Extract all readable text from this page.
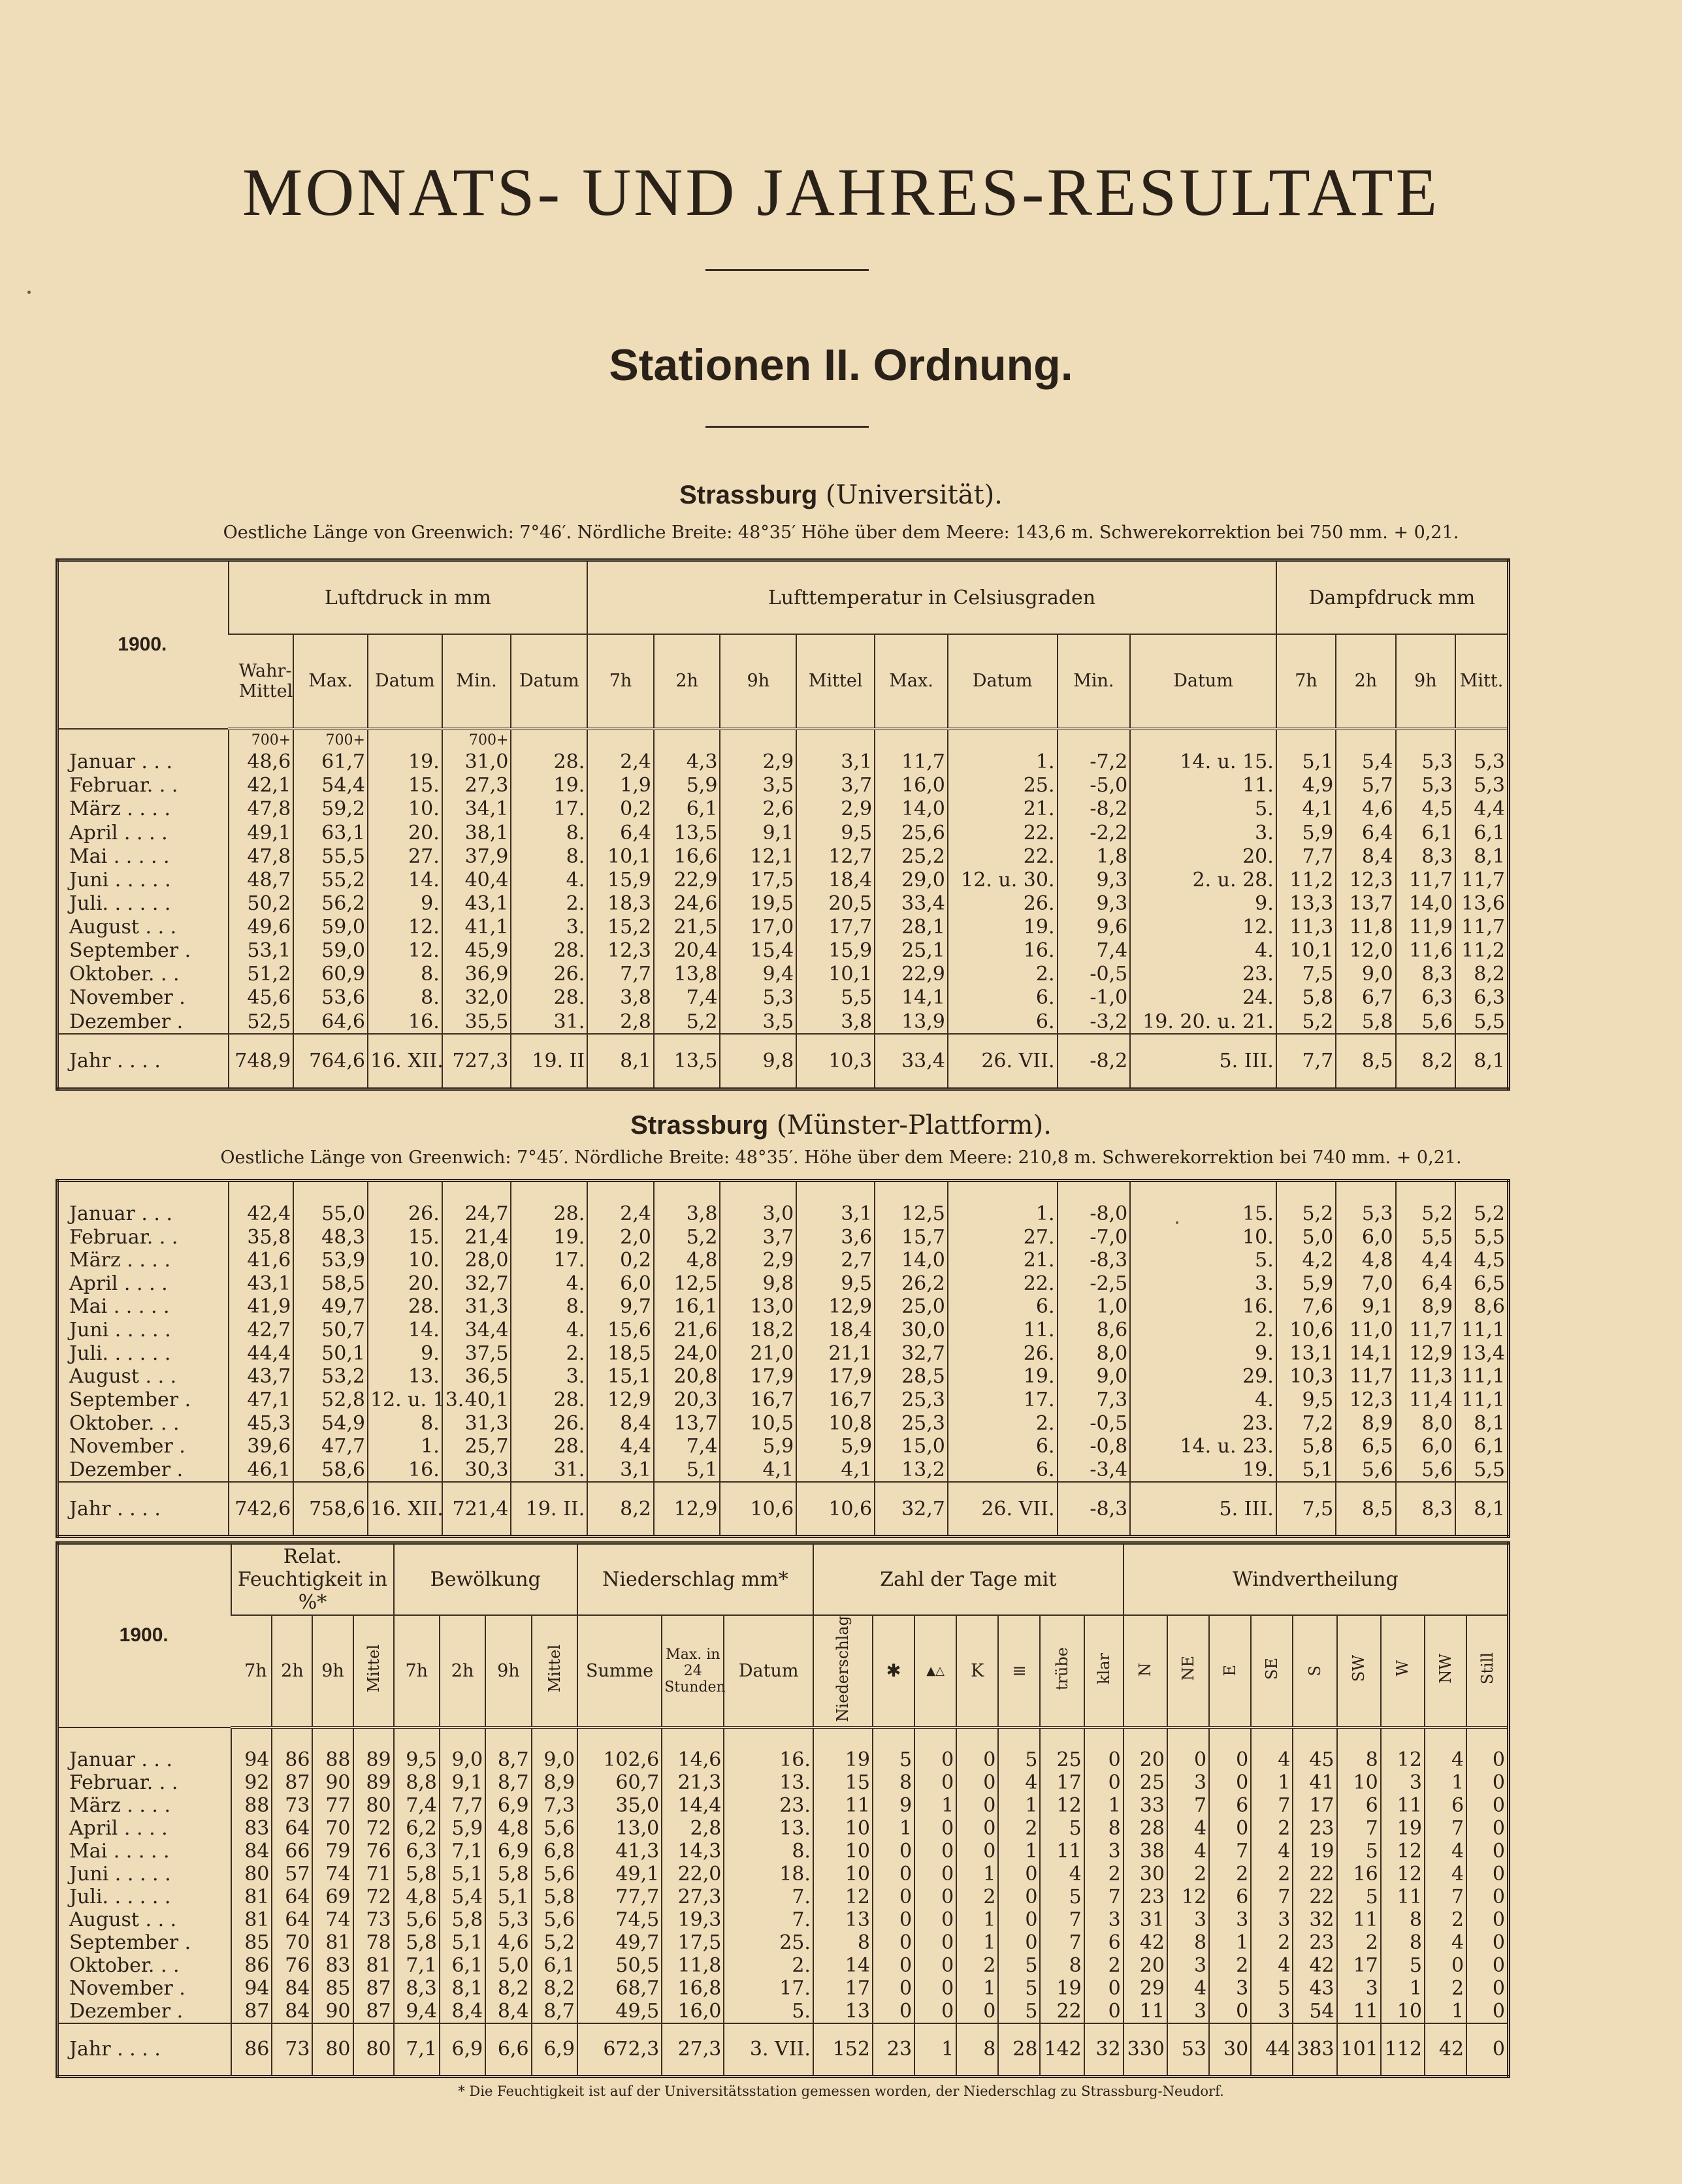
MONATS- UND JAHRES-RESULTATE
Stationen II. Ordnung.
Strassburg (Universität).
Oestliche Länge von Greenwich: 7°46′. Nördliche Breite: 48°35′ Höhe über dem Meere: 143,6 m. Schwerekorrektion bei 750 mm. + 0,21.
1900.	Luftdruck in mm					Lufttemperatur in Celsiusgraden								Dampfdruck mm			
	Wahr-Mittel	Max.	Datum	Min.	Datum	7h	2h	9h	Mittel	Max.	Datum	Min.	Datum	7h	2h	9h	Mitt.
	700+	700+		700+													
Januar . . .	48,6	61,7	19.	31,0	28.	2,4	4,3	2,9	3,1	11,7	1.	-7,2	14. u. 15.	5,1	5,4	5,3	5,3
Februar. . .	42,1	54,4	15.	27,3	19.	1,9	5,9	3,5	3,7	16,0	25.	-5,0	11.	4,9	5,7	5,3	5,3
März . . . .	47,8	59,2	10.	34,1	17.	0,2	6,1	2,6	2,9	14,0	21.	-8,2	5.	4,1	4,6	4,5	4,4
April . . . .	49,1	63,1	20.	38,1	8.	6,4	13,5	9,1	9,5	25,6	22.	-2,2	3.	5,9	6,4	6,1	6,1
Mai . . . . .	47,8	55,5	27.	37,9	8.	10,1	16,6	12,1	12,7	25,2	22.	1,8	20.	7,7	8,4	8,3	8,1
Juni . . . . .	48,7	55,2	14.	40,4	4.	15,9	22,9	17,5	18,4	29,0	12. u. 30.	9,3	2. u. 28.	11,2	12,3	11,7	11,7
Juli. . . . . .	50,2	56,2	9.	43,1	2.	18,3	24,6	19,5	20,5	33,4	26.	9,3	9.	13,3	13,7	14,0	13,6
August . . .	49,6	59,0	12.	41,1	3.	15,2	21,5	17,0	17,7	28,1	19.	9,6	12.	11,3	11,8	11,9	11,7
September .	53,1	59,0	12.	45,9	28.	12,3	20,4	15,4	15,9	25,1	16.	7,4	4.	10,1	12,0	11,6	11,2
Oktober. . .	51,2	60,9	8.	36,9	26.	7,7	13,8	9,4	10,1	22,9	2.	-0,5	23.	7,5	9,0	8,3	8,2
November .	45,6	53,6	8.	32,0	28.	3,8	7,4	5,3	5,5	14,1	6.	-1,0	24.	5,8	6,7	6,3	6,3
Dezember .	52,5	64,6	16.	35,5	31.	2,8	5,2	3,5	3,8	13,9	6.	-3,2	19. 20. u. 21.	5,2	5,8	5,6	5,5
Jahr . . . .	748,9	764,6	16. XII.	727,3	19. II	8,1	13,5	9,8	10,3	33,4	26. VII.	-8,2	5. III.	7,7	8,5	8,2	8,1
Strassburg (Münster-Plattform).
Oestliche Länge von Greenwich: 7°45′. Nördliche Breite: 48°35′. Höhe über dem Meere: 210,8 m. Schwerekorrektion bei 740 mm. + 0,21.

Januar . . .	42,4	55,0	26.	24,7	28.	2,4	3,8	3,0	3,1	12,5	1.	-8,0	15.	5,2	5,3	5,2	5,2
Februar. . .	35,8	48,3	15.	21,4	19.	2,0	5,2	3,7	3,6	15,7	27.	-7,0	10.	5,0	6,0	5,5	5,5
März . . . .	41,6	53,9	10.	28,0	17.	0,2	4,8	2,9	2,7	14,0	21.	-8,3	5.	4,2	4,8	4,4	4,5
April . . . .	43,1	58,5	20.	32,7	4.	6,0	12,5	9,8	9,5	26,2	22.	-2,5	3.	5,9	7,0	6,4	6,5
Mai . . . . .	41,9	49,7	28.	31,3	8.	9,7	16,1	13,0	12,9	25,0	6.	1,0	16.	7,6	9,1	8,9	8,6
Juni . . . . .	42,7	50,7	14.	34,4	4.	15,6	21,6	18,2	18,4	30,0	11.	8,6	2.	10,6	11,0	11,7	11,1
Juli. . . . . .	44,4	50,1	9.	37,5	2.	18,5	24,0	21,0	21,1	32,7	26.	8,0	9.	13,1	14,1	12,9	13,4
August . . .	43,7	53,2	13.	36,5	3.	15,1	20,8	17,9	17,9	28,5	19.	9,0	29.	10,3	11,7	11,3	11,1
September .	47,1	52,8	12. u. 13.	40,1	28.	12,9	20,3	16,7	16,7	25,3	17.	7,3	4.	9,5	12,3	11,4	11,1
Oktober. . .	45,3	54,9	8.	31,3	26.	8,4	13,7	10,5	10,8	25,3	2.	-0,5	23.	7,2	8,9	8,0	8,1
November .	39,6	47,7	1.	25,7	28.	4,4	7,4	5,9	5,9	15,0	6.	-0,8	14. u. 23.	5,8	6,5	6,0	6,1
Dezember .	46,1	58,6	16.	30,3	31.	3,1	5,1	4,1	4,1	13,2	6.	-3,4	19.	5,1	5,6	5,6	5,5
Jahr . . . .	742,6	758,6	16. XII.	721,4	19. II.	8,2	12,9	10,6	10,6	32,7	26. VII.	-8,3	5. III.	7,5	8,5	8,3	8,1
1900.	Relat. Feuchtigkeit in %*				Bewölkung				Niederschlag mm*			Zahl der Tage mit							Windvertheilung								
	7h	2h	9h	Mittel	7h	2h	9h	Mittel	Summe	Max. in 24 Stunden	Datum	Niederschlag	✱	▲△	K	≡	trübe	klar	N	NE	E	SE	S	SW	W	NW	Still

Januar . . .	94	86	88	89	9,5	9,0	8,7	9,0	102,6	14,6	16.	19	5	0	0	5	25	0	20	0	0	4	45	8	12	4	0
Februar. . .	92	87	90	89	8,8	9,1	8,7	8,9	60,7	21,3	13.	15	8	0	0	4	17	0	25	3	0	1	41	10	3	1	0
März . . . .	88	73	77	80	7,4	7,7	6,9	7,3	35,0	14,4	23.	11	9	1	0	1	12	1	33	7	6	7	17	6	11	6	0
April . . . .	83	64	70	72	6,2	5,9	4,8	5,6	13,0	2,8	13.	10	1	0	0	2	5	8	28	4	0	2	23	7	19	7	0
Mai . . . . .	84	66	79	76	6,3	7,1	6,9	6,8	41,3	14,3	8.	10	0	0	0	1	11	3	38	4	7	4	19	5	12	4	0
Juni . . . . .	80	57	74	71	5,8	5,1	5,8	5,6	49,1	22,0	18.	10	0	0	1	0	4	2	30	2	2	2	22	16	12	4	0
Juli. . . . . .	81	64	69	72	4,8	5,4	5,1	5,8	77,7	27,3	7.	12	0	0	2	0	5	7	23	12	6	7	22	5	11	7	0
August . . .	81	64	74	73	5,6	5,8	5,3	5,6	74,5	19,3	7.	13	0	0	1	0	7	3	31	3	3	3	32	11	8	2	0
September .	85	70	81	78	5,8	5,1	4,6	5,2	49,7	17,5	25.	8	0	0	1	0	7	6	42	8	1	2	23	2	8	4	0
Oktober. . .	86	76	83	81	7,1	6,1	5,0	6,1	50,5	11,8	2.	14	0	0	2	5	8	2	20	3	2	4	42	17	5	0	0
November .	94	84	85	87	8,3	8,1	8,2	8,2	68,7	16,8	17.	17	0	0	1	5	19	0	29	4	3	5	43	3	1	2	0
Dezember .	87	84	90	87	9,4	8,4	8,4	8,7	49,5	16,0	5.	13	0	0	0	5	22	0	11	3	0	3	54	11	10	1	0
Jahr . . . .	86	73	80	80	7,1	6,9	6,6	6,9	672,3	27,3	3. VII.	152	23	1	8	28	142	32	330	53	30	44	383	101	112	42	0
* Die Feuchtigkeit ist auf der Universitätsstation gemessen worden, der Niederschlag zu Strassburg-Neudorf.
